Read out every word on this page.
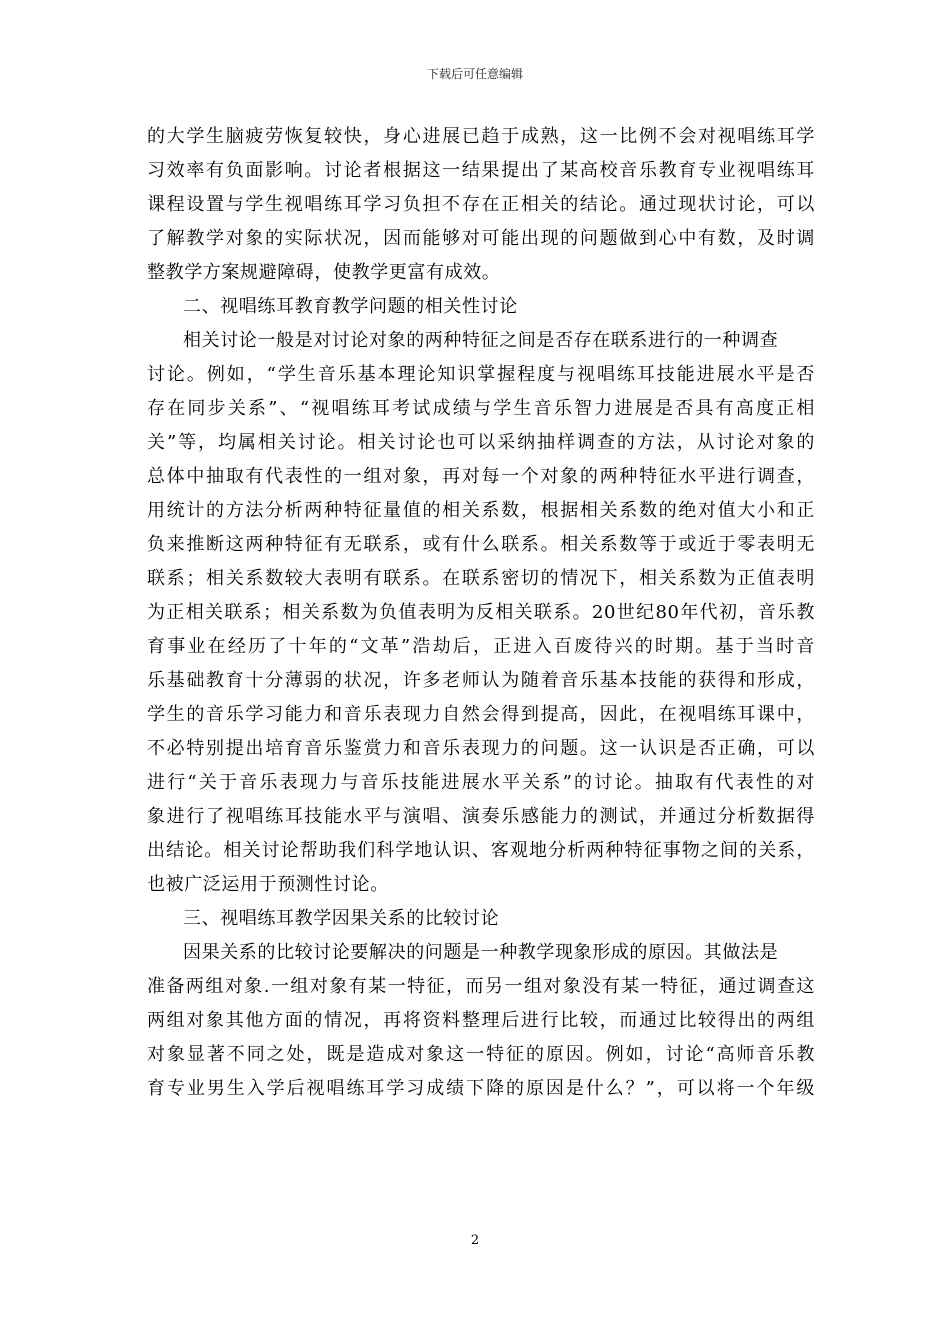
下载后可任意编辑
的大学生脑疲劳恢复较快，身心进展已趋于成熟，这一比例不会对视唱练耳学
习效率有负面影响。讨论者根据这一结果提出了某高校音乐教育专业视唱练耳
课程设置与学生视唱练耳学习负担不存在正相关的结论。通过现状讨论，可以
了解教学对象的实际状况，因而能够对可能出现的问题做到心中有数，及时调
整教学方案规避障碍，使教学更富有成效。
二、视唱练耳教育教学问题的相关性讨论
相关讨论一般是对讨论对象的两种特征之间是否存在联系进行的一种调查
讨论。例如，“学生音乐基本理论知识掌握程度与视唱练耳技能进展水平是否
存在同步关系”、“视唱练耳考试成绩与学生音乐智力进展是否具有高度正相
关”等，均属相关讨论。相关讨论也可以采纳抽样调查的方法，从讨论对象的
总体中抽取有代表性的一组对象，再对每一个对象的两种特征水平进行调查，
用统计的方法分析两种特征量值的相关系数，根据相关系数的绝对值大小和正
负来推断这两种特征有无联系，或有什么联系。相关系数等于或近于零表明无
联系；相关系数较大表明有联系。在联系密切的情况下，相关系数为正值表明
为正相关联系；相关系数为负值表明为反相关联系。20世纪80年代初，音乐教
育事业在经历了十年的“文革”浩劫后，正进入百废待兴的时期。基于当时音
乐基础教育十分薄弱的状况，许多老师认为随着音乐基本技能的获得和形成，
学生的音乐学习能力和音乐表现力自然会得到提高，因此，在视唱练耳课中，
不必特别提出培育音乐鉴赏力和音乐表现力的问题。这一认识是否正确，可以
进行“关于音乐表现力与音乐技能进展水平关系”的讨论。抽取有代表性的对
象进行了视唱练耳技能水平与演唱、演奏乐感能力的测试，并通过分析数据得
出结论。相关讨论帮助我们科学地认识、客观地分析两种特征事物之间的关系，
也被广泛运用于预测性讨论。
三、视唱练耳教学因果关系的比较讨论
因果关系的比较讨论要解决的问题是一种教学现象形成的原因。其做法是
准备两组对象.一组对象有某一特征，而另一组对象没有某一特征，通过调查这
两组对象其他方面的情况，再将资料整理后进行比较，而通过比较得出的两组
对象显著不同之处，既是造成对象这一特征的原因。例如，讨论“高师音乐教
育专业男生入学后视唱练耳学习成绩下降的原因是什么？”，可以将一个年级
2
